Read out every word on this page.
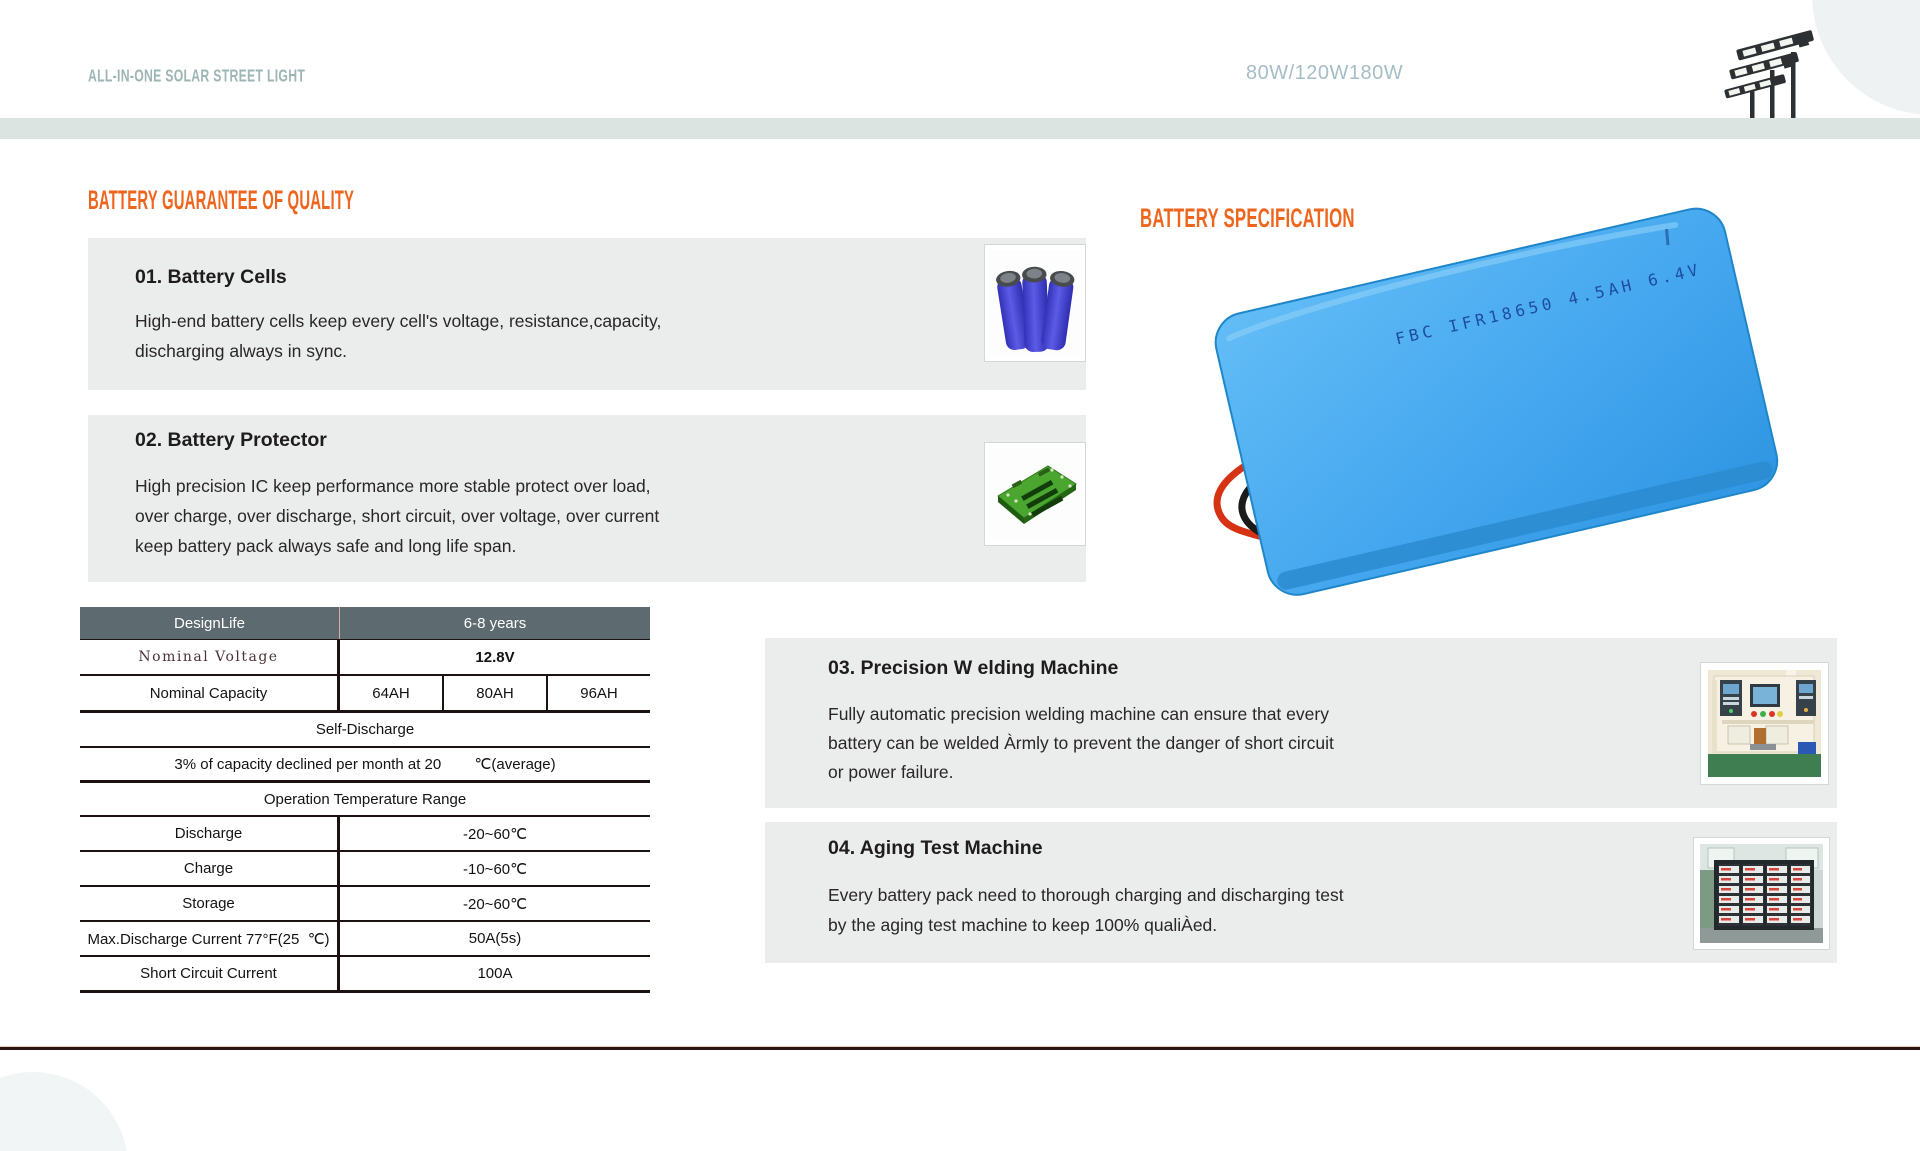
ALL-IN-ONE SOLAR STREET LIGHT	80W/120W180W
BATTERY GUARANTEE OF QUALITY
01. Battery Cells
High-end battery cells keep every cell's voltage, resistance,capacity,
discharging always in sync.
02. Battery Protector
High precision IC keep performance more stable protect over load,
over charge, over discharge, short circuit, over voltage, over current
keep battery pack always safe and long life span.
DesignLife	6-8 years
Nominal Voltage	12.8V
Nominal Capacity	64AH	80AH	96AH
Self-Discharge
3% of capacity declined per month at 20        ℃(average)
Operation Temperature Range
Discharge	-20~60℃
Charge	-10~60℃
Storage	-20~60℃
Max.Discharge Current 77°F(25  ℃)	50A(5s)
Short Circuit Current	100A
BATTERY SPECIFICATION
FBC IFR18650 4.5AH 6.4V
03. Precision W elding Machine
Fully automatic precision welding machine can ensure that every
battery can be welded Àrmly to prevent the danger of short circuit
or power failure.
04. Aging Test Machine
Every battery pack need to thorough charging and discharging test
by the aging test machine to keep 100% qualiÀed.
